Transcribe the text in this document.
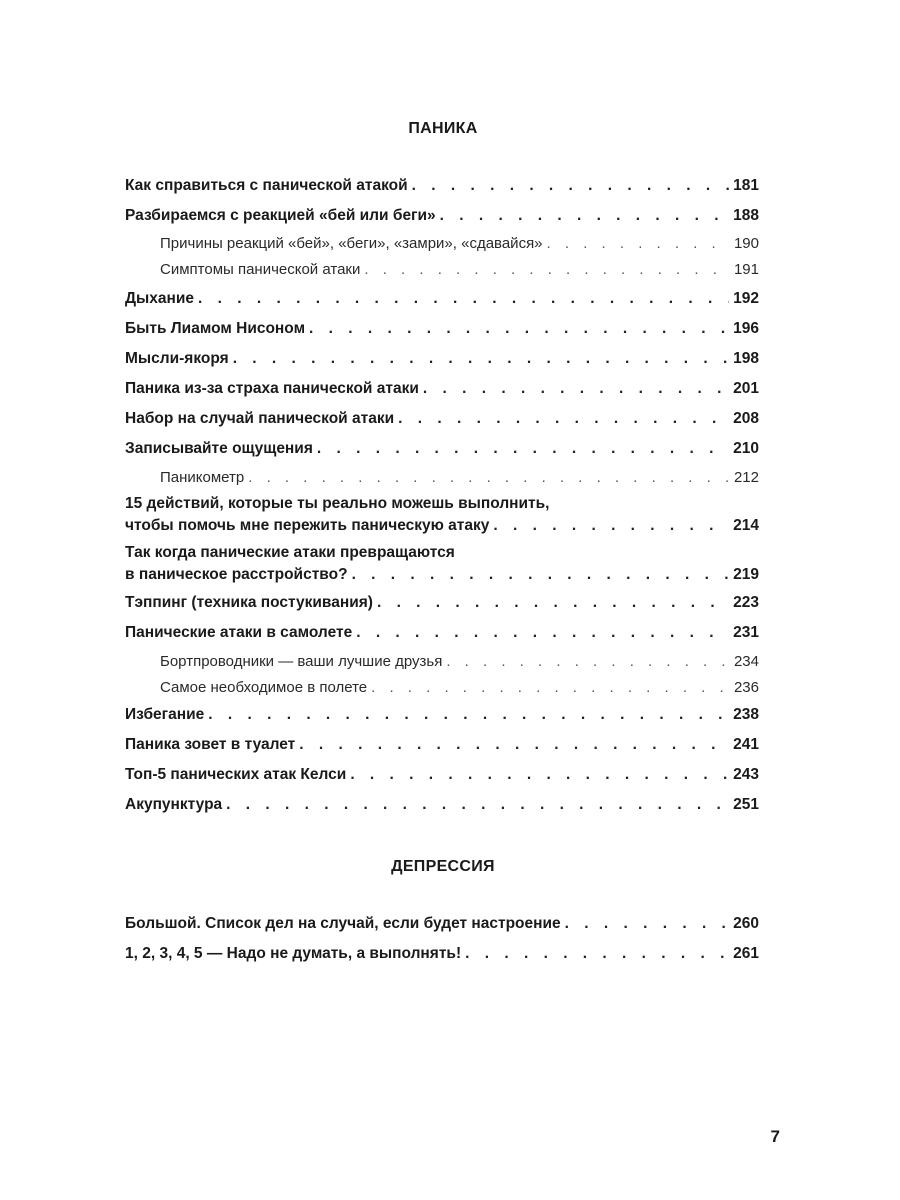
ПАНИКА
Как справиться с панической атакой . . .	181
Разбираемся с реакцией «бей или беги» . . .	188
Причины реакций «бей», «беги», «замри», «сдавайся» . . .	190
Симптомы панической атаки . . .	191
Дыхание . . .	192
Быть Лиамом Нисоном . . .	196
Мысли-якоря . . .	198
Паника из-за страха панической атаки . . .	201
Набор на случай панической атаки . . .	208
Записывайте ощущения . . .	210
Паникометр . . .	212
15 действий, которые ты реально можешь выполнить,
чтобы помочь мне пережить паническую атаку . . .	214
Так когда панические атаки превращаются
в паническое расстройство? . . .	219
Тэппинг (техника постукивания) . . .	223
Панические атаки в самолете . . .	231
Бортпроводники — ваши лучшие друзья . . .	234
Самое необходимое в полете . . .	236
Избегание . . .	238
Паника зовет в туалет . . .	241
Топ-5 панических атак Келси . . .	243
Акупунктура . . .	251
ДЕПРЕССИЯ
Большой. Список дел на случай, если будет настроение . . .	260
1, 2, 3, 4, 5 — Надо не думать, а выполнять! . . .	261
7
